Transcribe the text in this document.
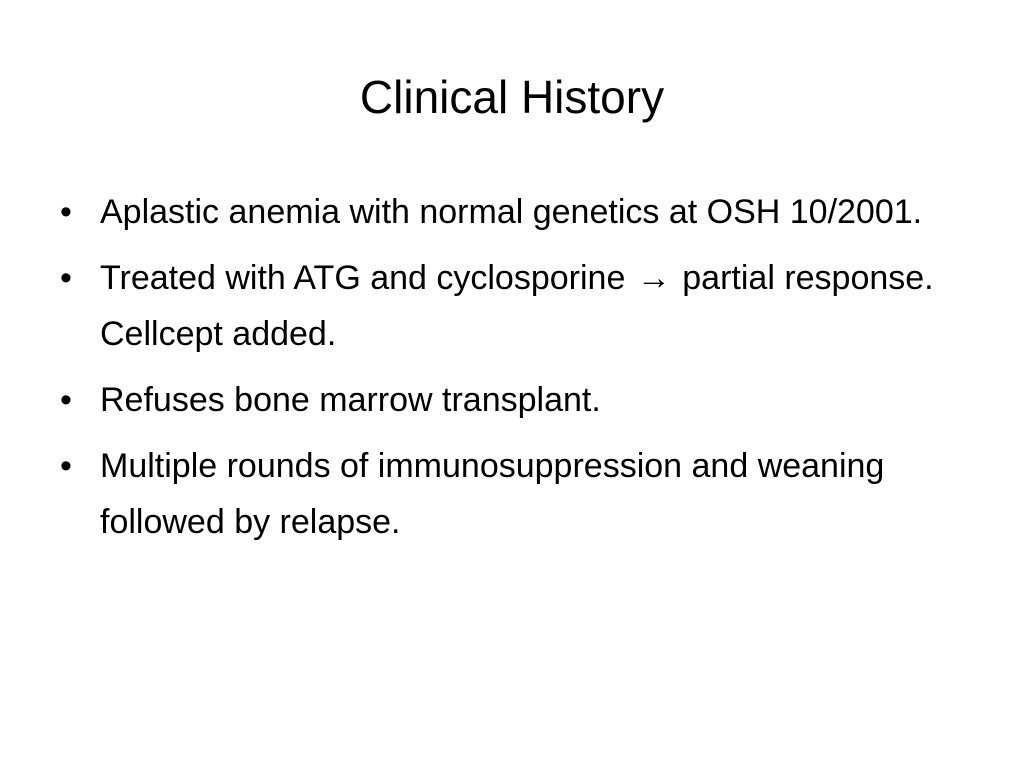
Clinical History
• Aplastic anemia with normal genetics at OSH 10/2001.
• Treated with ATG and cyclosporine → partial response. Cellcept added.
• Refuses bone marrow transplant.
• Multiple rounds of immunosuppression and weaning followed by relapse.
